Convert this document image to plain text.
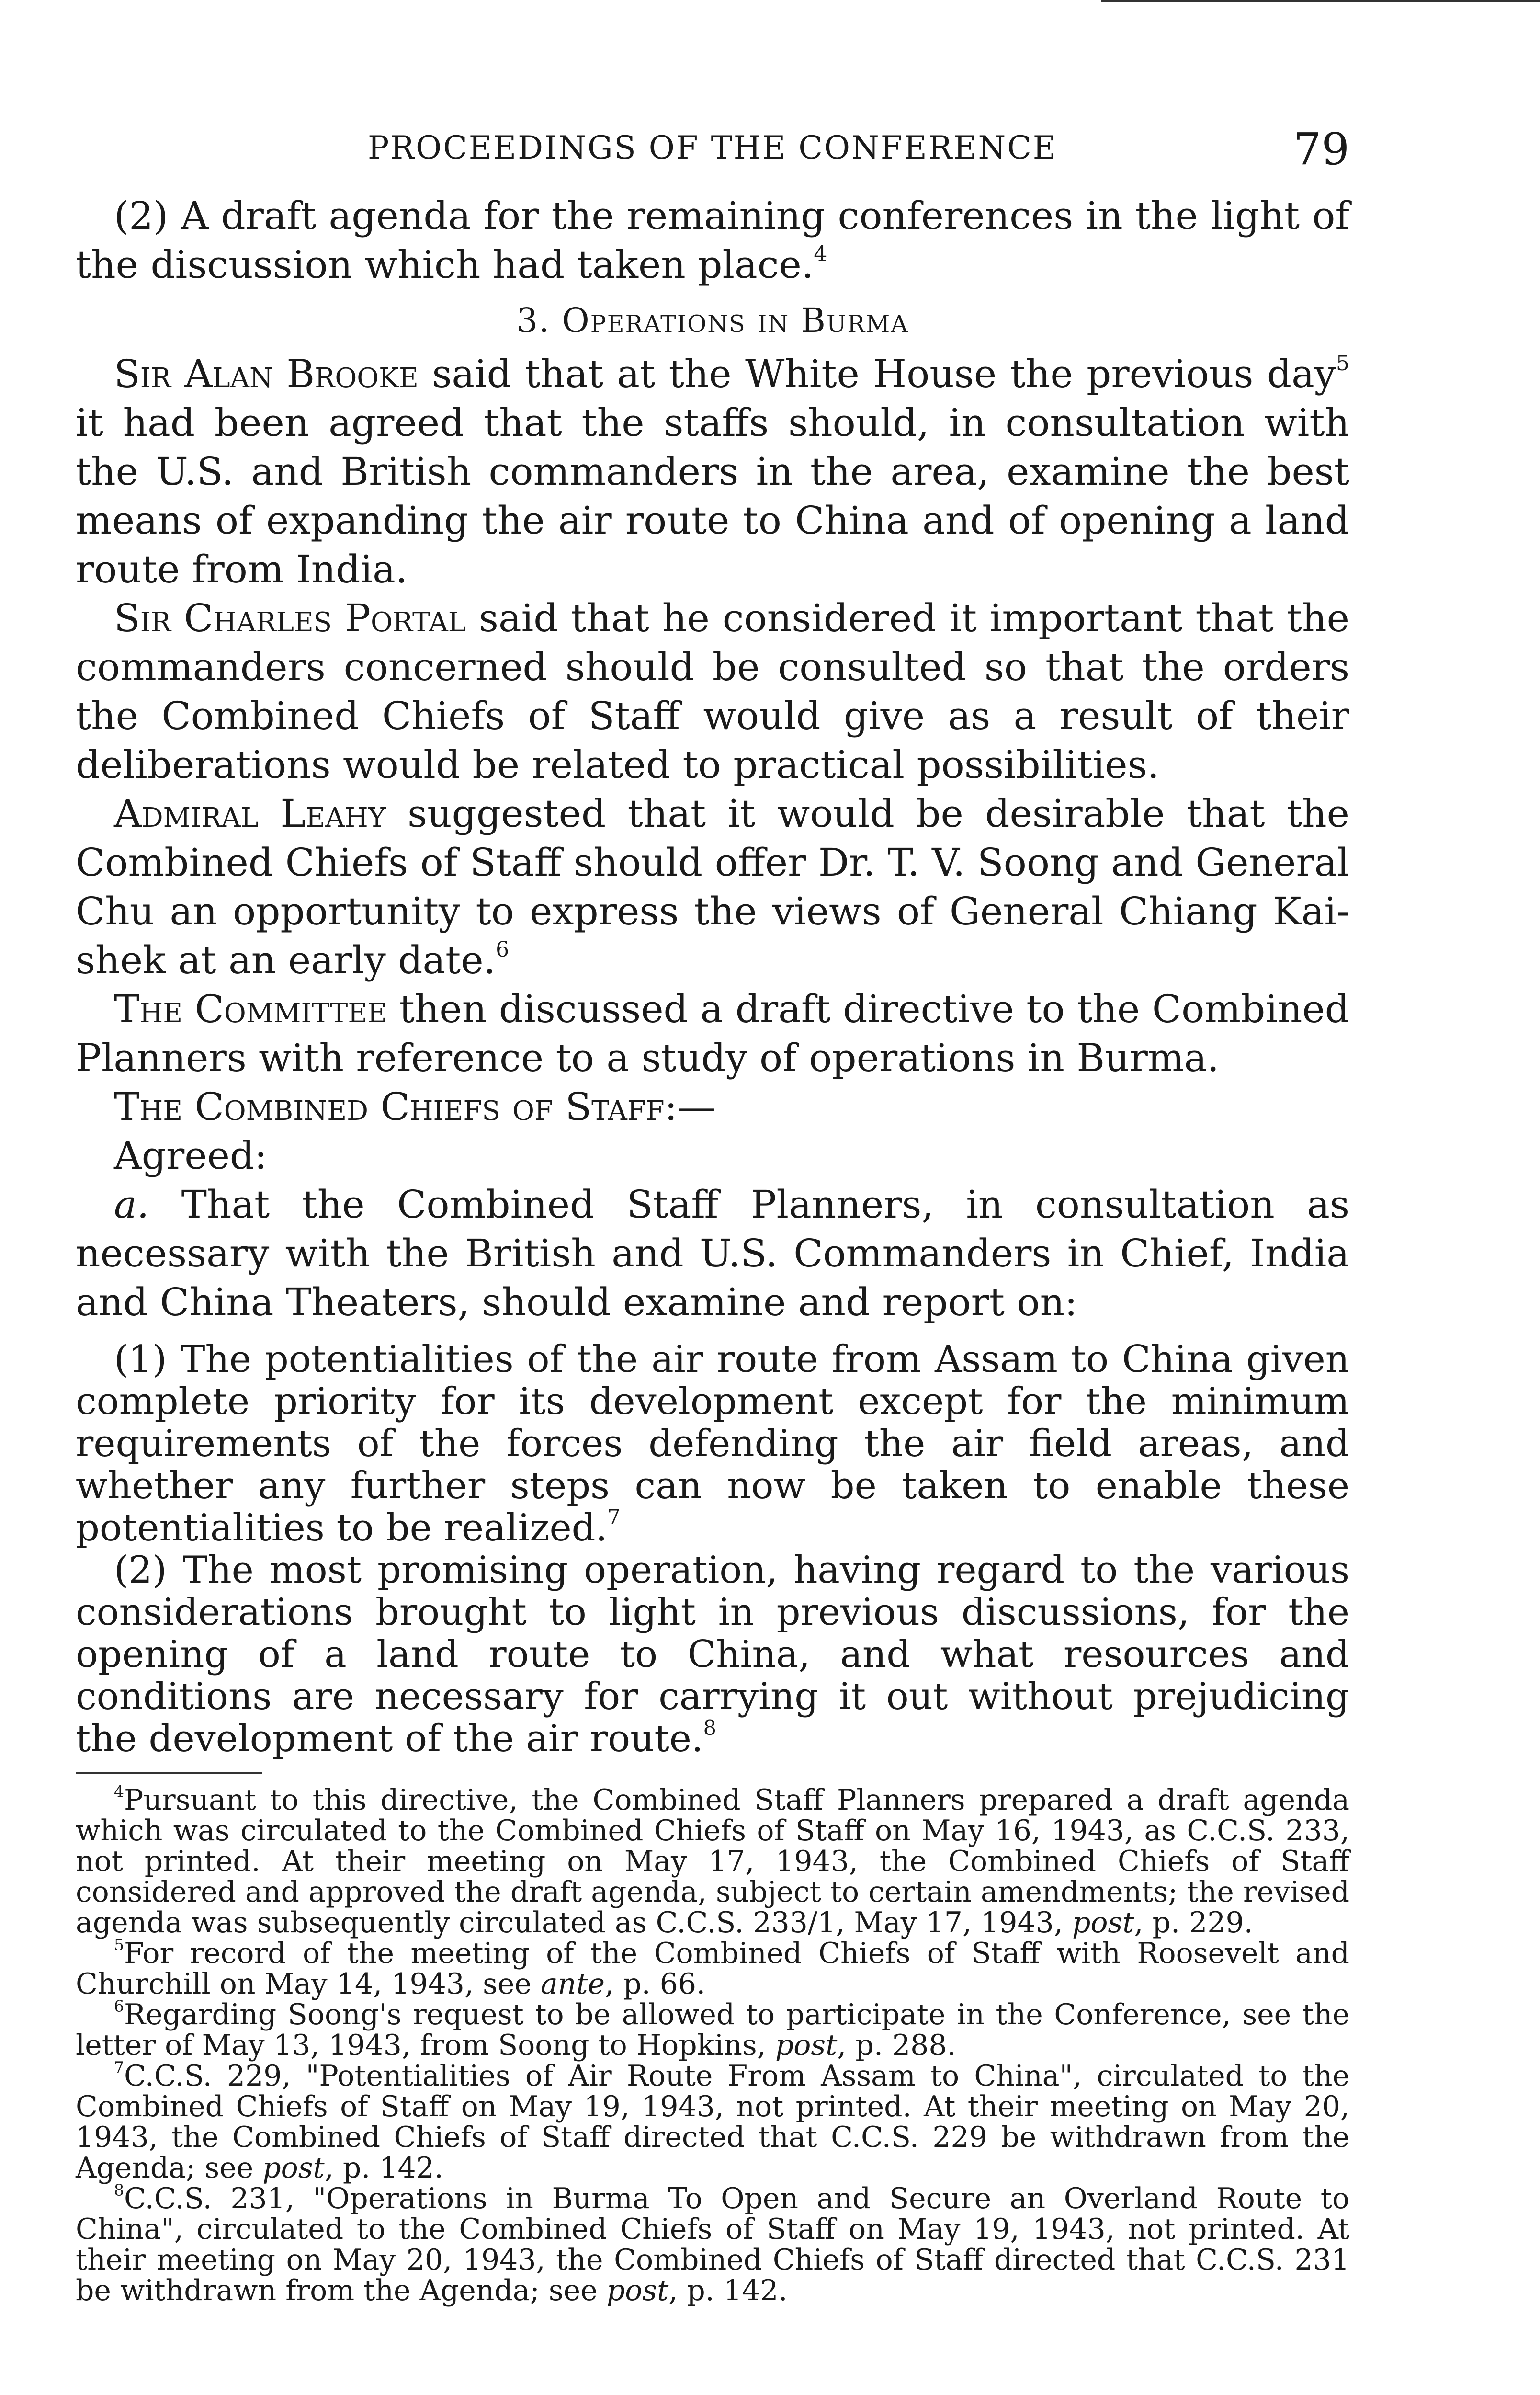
PROCEEDINGS OF THE CONFERENCE	79

(2) A draft agenda for the remaining conferences in the light of the discussion which had taken place.$^4$

3. Operations in Burma

Sir Alan Brooke said that at the White House the previous day$^5$ it had been agreed that the staffs should, in consultation with the U.S. and British commanders in the area, examine the best means of expanding the air route to China and of opening a land route from India.

Sir Charles Portal said that he considered it important that the commanders concerned should be consulted so that the orders the Combined Chiefs of Staff would give as a result of their deliberations would be related to practical possibilities.

Admiral Leahy suggested that it would be desirable that the Combined Chiefs of Staff should offer Dr. T. V. Soong and General Chu an opportunity to express the views of General Chiang Kai-shek at an early date.$^6$

The Committee then discussed a draft directive to the Combined Planners with reference to a study of operations in Burma.

The Combined Chiefs of Staff:—

Agreed:

a. That the Combined Staff Planners, in consultation as necessary with the British and U.S. Commanders in Chief, India and China Theaters, should examine and report on:

(1) The potentialities of the air route from Assam to China given complete priority for its development except for the minimum requirements of the forces defending the air field areas, and whether any further steps can now be taken to enable these potentialities to be realized.$^7$

(2) The most promising operation, having regard to the various considerations brought to light in previous discussions, for the opening of a land route to China, and what resources and conditions are necessary for carrying it out without prejudicing the development of the air route.$^8$

$^4$Pursuant to this directive, the Combined Staff Planners prepared a draft agenda which was circulated to the Combined Chiefs of Staff on May 16, 1943, as C.C.S. 233, not printed. At their meeting on May 17, 1943, the Combined Chiefs of Staff considered and approved the draft agenda, subject to certain amendments; the revised agenda was subsequently circulated as C.C.S. 233/1, May 17, 1943, post, p. 229.

$^5$For record of the meeting of the Combined Chiefs of Staff with Roosevelt and Churchill on May 14, 1943, see ante, p. 66.

$^6$Regarding Soong's request to be allowed to participate in the Conference, see the letter of May 13, 1943, from Soong to Hopkins, post, p. 288.

$^7$C.C.S. 229, "Potentialities of Air Route From Assam to China", circulated to the Combined Chiefs of Staff on May 19, 1943, not printed. At their meeting on May 20, 1943, the Combined Chiefs of Staff directed that C.C.S. 229 be withdrawn from the Agenda; see post, p. 142.

$^8$C.C.S. 231, "Operations in Burma To Open and Secure an Overland Route to China", circulated to the Combined Chiefs of Staff on May 19, 1943, not printed. At their meeting on May 20, 1943, the Combined Chiefs of Staff directed that C.C.S. 231 be withdrawn from the Agenda; see post, p. 142.
